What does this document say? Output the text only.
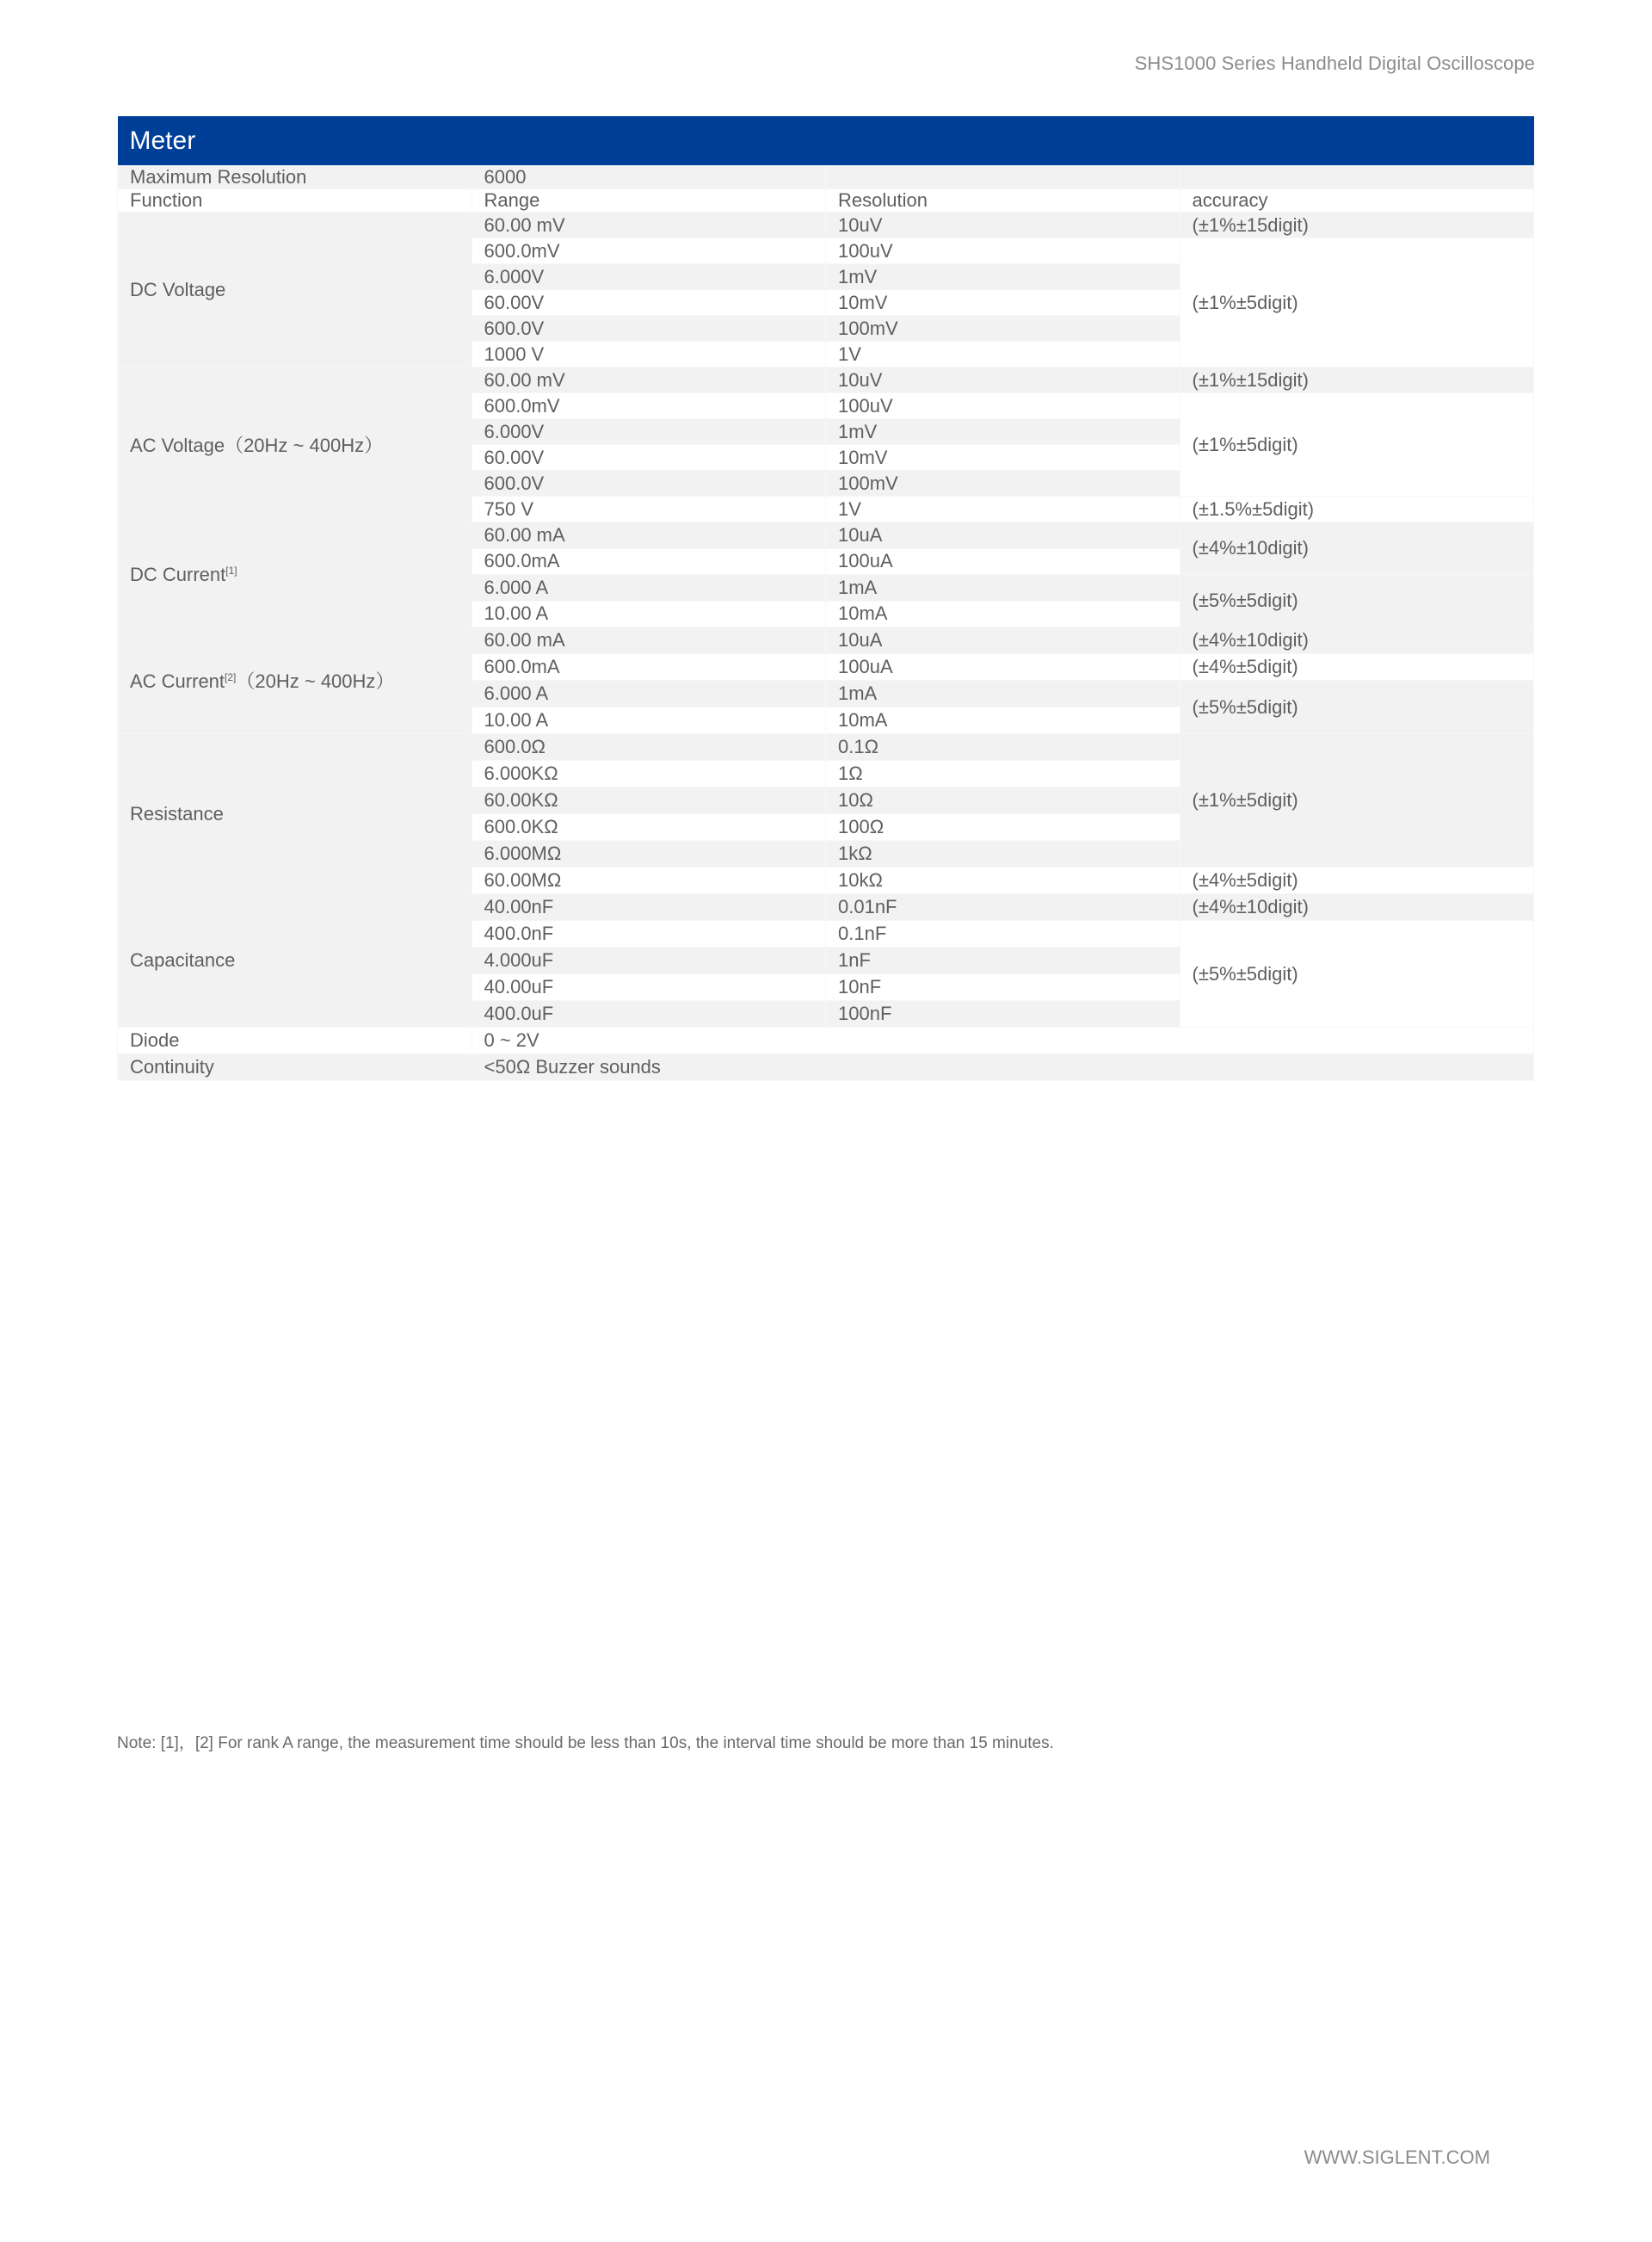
SHS1000 Series Handheld Digital Oscilloscope
Meter			
Maximum Resolution	6000		
Function	Range	Resolution	accuracy
DC Voltage	60.00 mV	10uV	(±1%±15digit)
	600.0mV	100uV	(±1%±5digit)
	6.000V	1mV	
	60.00V	10mV	
	600.0V	100mV	
	1000 V	1V	
AC Voltage（20Hz ~ 400Hz）	60.00 mV	10uV	(±1%±15digit)
	600.0mV	100uV	(±1%±5digit)
	6.000V	1mV	
	60.00V	10mV	
	600.0V	100mV	
	750 V	1V	(±1.5%±5digit)
DC Current[1]	60.00 mA	10uA	(±4%±10digit)
	600.0mA	100uA	
	6.000 A	1mA	(±5%±5digit)
	10.00 A	10mA	
AC Current[2]（20Hz ~ 400Hz）	60.00 mA	10uA	(±4%±10digit)
	600.0mA	100uA	(±4%±5digit)
	6.000 A	1mA	(±5%±5digit)
	10.00 A	10mA	
Resistance	600.0Ω	0.1Ω	(±1%±5digit)
	6.000KΩ	1Ω	
	60.00KΩ	10Ω	
	600.0KΩ	100Ω	
	6.000MΩ	1kΩ	
	60.00MΩ	10kΩ	(±4%±5digit)
Capacitance	40.00nF	0.01nF	(±4%±10digit)
	400.0nF	0.1nF	(±5%±5digit)
	4.000uF	1nF	
	40.00uF	10nF	
	400.0uF	100nF	
Diode	0 ~ 2V		
Continuity	<50Ω Buzzer sounds		
Note: [1]，[2] For rank A range, the measurement time should be less than 10s, the interval time should be more than 15 minutes.
WWW.SIGLENT.COM
